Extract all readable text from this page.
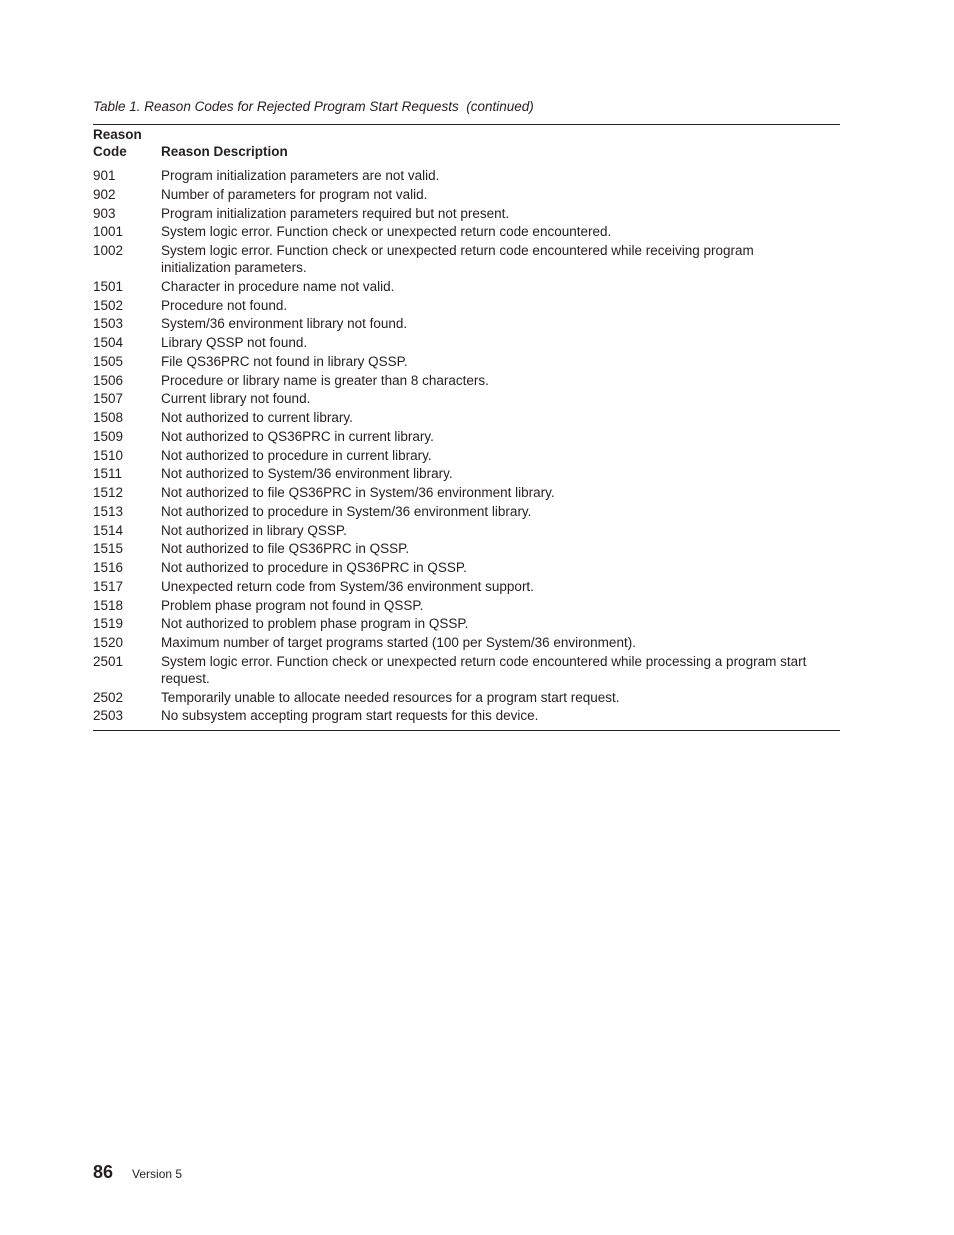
Table 1. Reason Codes for Rejected Program Start Requests  (continued)
Reason
Code	Reason Description
901	Program initialization parameters are not valid.
902	Number of parameters for program not valid.
903	Program initialization parameters required but not present.
1001	System logic error. Function check or unexpected return code encountered.
1002	System logic error. Function check or unexpected return code encountered while receiving program initialization parameters.
1501	Character in procedure name not valid.
1502	Procedure not found.
1503	System/36 environment library not found.
1504	Library QSSP not found.
1505	File QS36PRC not found in library QSSP.
1506	Procedure or library name is greater than 8 characters.
1507	Current library not found.
1508	Not authorized to current library.
1509	Not authorized to QS36PRC in current library.
1510	Not authorized to procedure in current library.
1511	Not authorized to System/36 environment library.
1512	Not authorized to file QS36PRC in System/36 environment library.
1513	Not authorized to procedure in System/36 environment library.
1514	Not authorized in library QSSP.
1515	Not authorized to file QS36PRC in QSSP.
1516	Not authorized to procedure in QS36PRC in QSSP.
1517	Unexpected return code from System/36 environment support.
1518	Problem phase program not found in QSSP.
1519	Not authorized to problem phase program in QSSP.
1520	Maximum number of target programs started (100 per System/36 environment).
2501	System logic error. Function check or unexpected return code encountered while processing a program start request.
2502	Temporarily unable to allocate needed resources for a program start request.
2503	No subsystem accepting program start requests for this device.
86 Version 5
